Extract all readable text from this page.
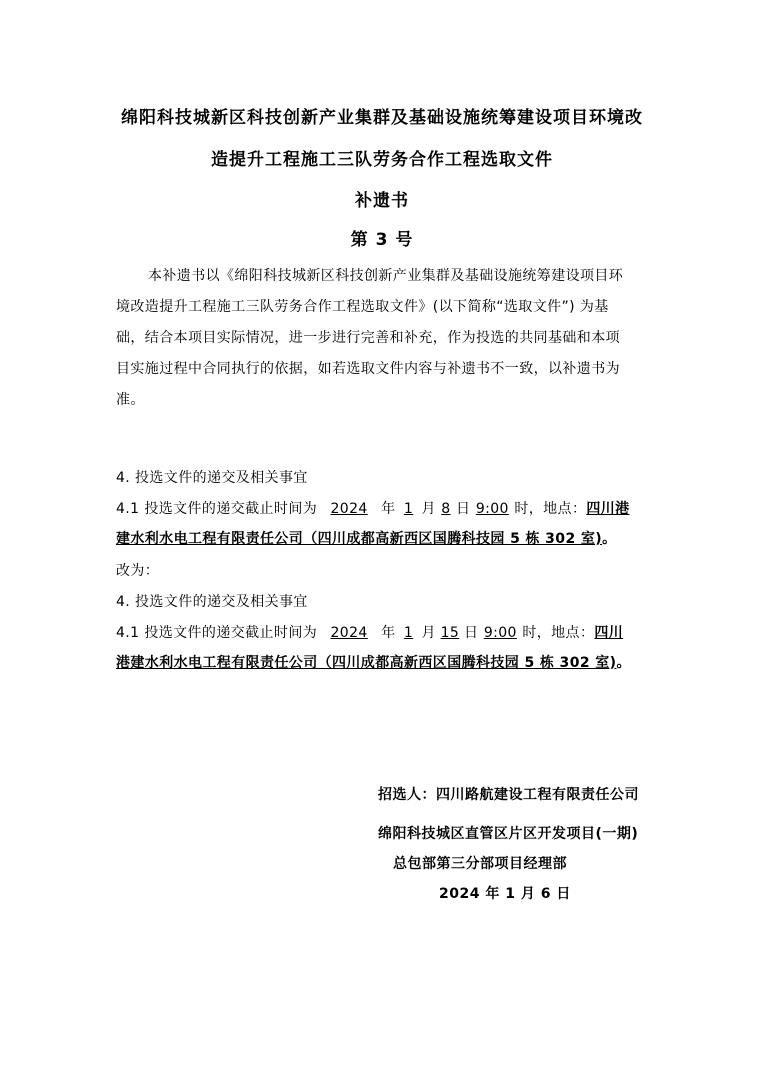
绵阳科技城新区科技创新产业集群及基础设施统筹建设项目环境改
造提升工程施工三队劳务合作工程选取文件
补遗书
第 3 号
本补遗书以《绵阳科技城新区科技创新产业集群及基础设施统筹建设项目环
境改造提升工程施工三队劳务合作工程选取文件》(以下简称“选取文件”) 为基
础，结合本项目实际情况，进一步进行完善和补充，作为投选的共同基础和本项
目实施过程中合同执行的依据，如若选取文件内容与补遗书不一致，以补遗书为
准。
4. 投选文件的递交及相关事宜
4.1 投选文件的递交截止时间为 2024 年 1 月 8 日 9:00 时，地点：四川港
建水利水电工程有限责任公司（四川成都高新西区国腾科技园 5 栋 302 室)。
改为：
4. 投选文件的递交及相关事宜
4.1 投选文件的递交截止时间为 2024 年 1 月 15 日 9:00 时，地点：四川
港建水利水电工程有限责任公司（四川成都高新西区国腾科技园 5 栋 302 室)。
招选人：四川路航建设工程有限责任公司
绵阳科技城区直管区片区开发项目(一期)
总包部第三分部项目经理部
2024 年 1 月 6 日
